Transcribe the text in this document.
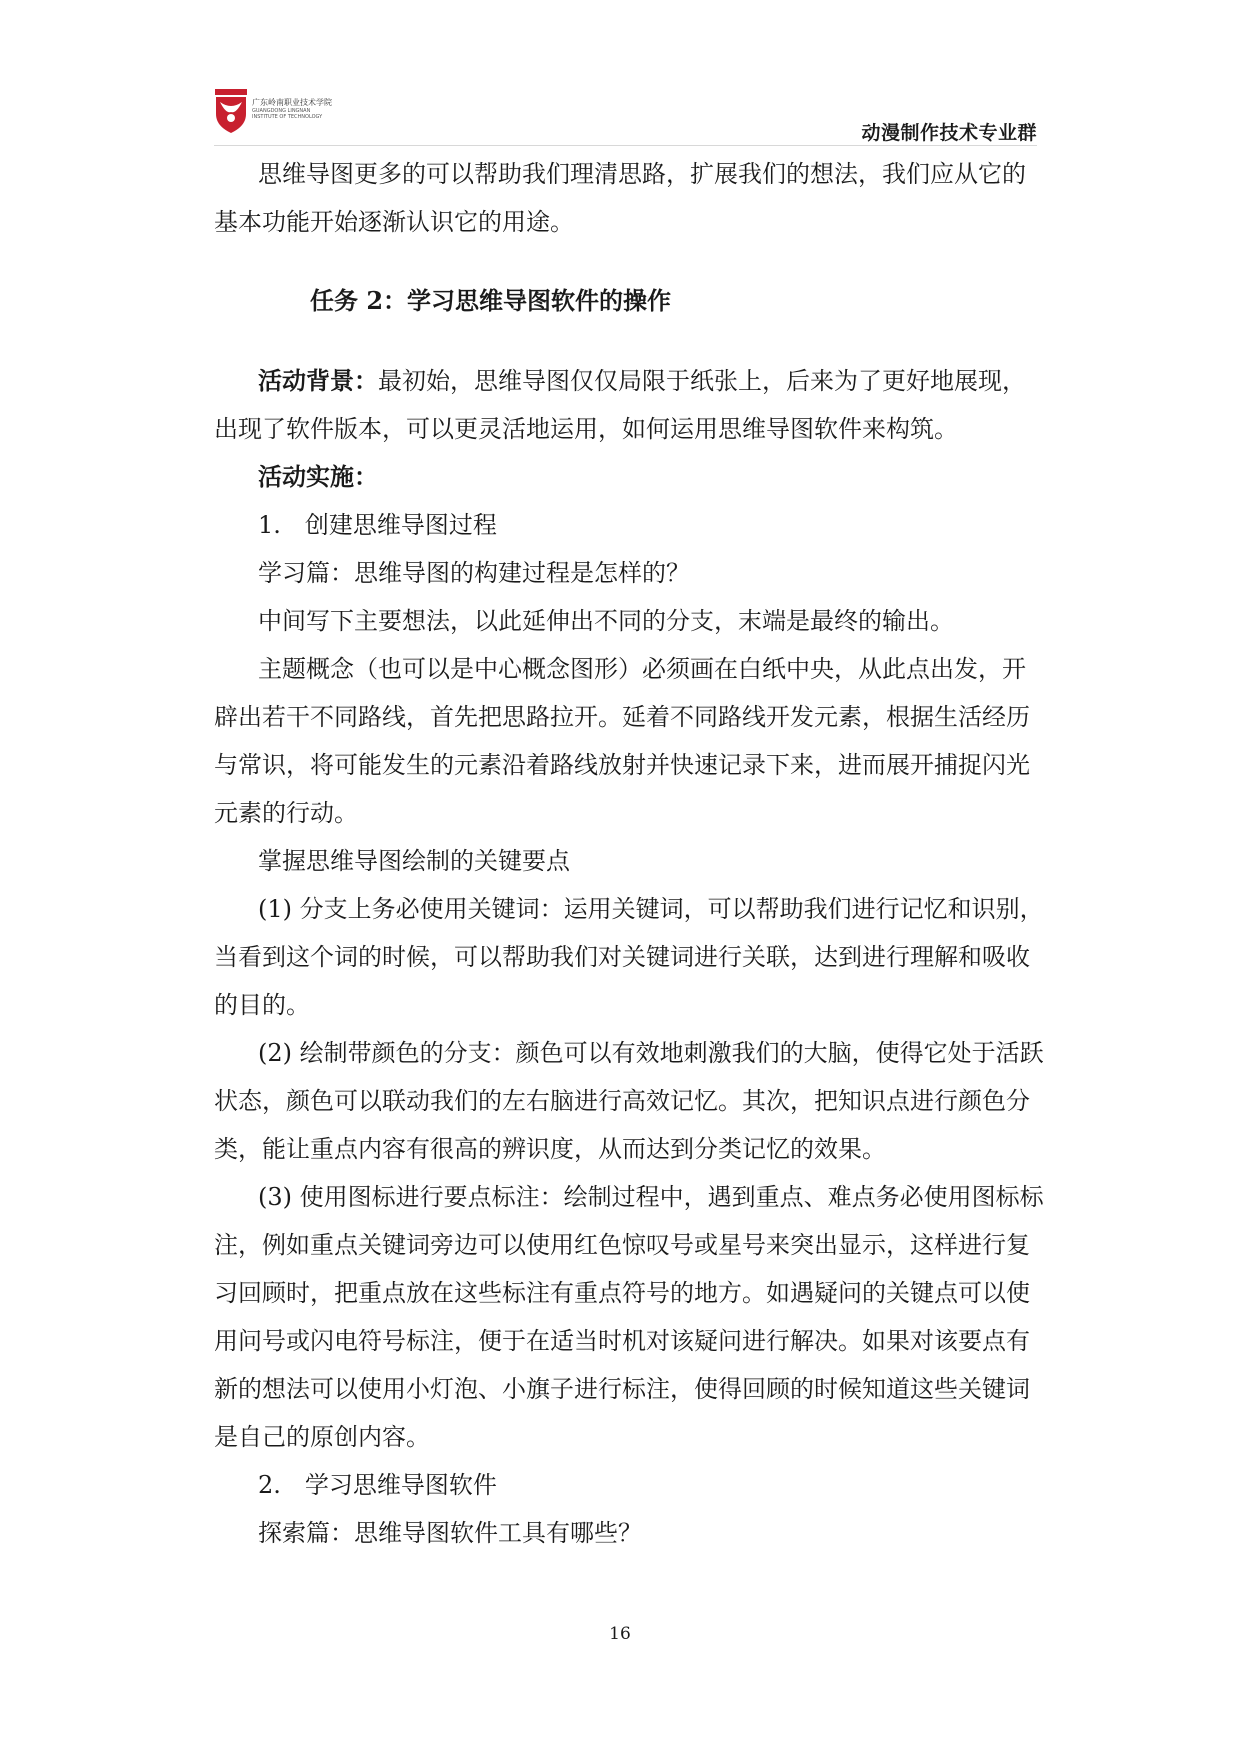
广东岭南职业技术学院
GUANGDONG LINGNAN
INSTITUTE OF TECHNOLOGY
动漫制作技术专业群

思维导图更多的可以帮助我们理清思路，扩展我们的想法，我们应从它的基本功能开始逐渐认识它的用途。

任务 2：学习思维导图软件的操作

活动背景：最初始，思维导图仅仅局限于纸张上，后来为了更好地展现，出现了软件版本，可以更灵活地运用，如何运用思维导图软件来构筑。

活动实施：

1.　创建思维导图过程

学习篇：思维导图的构建过程是怎样的？

中间写下主要想法，以此延伸出不同的分支，末端是最终的输出。

主题概念（也可以是中心概念图形）必须画在白纸中央，从此点出发，开辟出若干不同路线，首先把思路拉开。延着不同路线开发元素，根据生活经历与常识，将可能发生的元素沿着路线放射并快速记录下来，进而展开捕捉闪光元素的行动。

掌握思维导图绘制的关键要点

(1) 分支上务必使用关键词：运用关键词，可以帮助我们进行记忆和识别，当看到这个词的时候，可以帮助我们对关键词进行关联，达到进行理解和吸收的目的。

(2) 绘制带颜色的分支：颜色可以有效地刺激我们的大脑，使得它处于活跃状态，颜色可以联动我们的左右脑进行高效记忆。其次，把知识点进行颜色分类，能让重点内容有很高的辨识度，从而达到分类记忆的效果。

(3) 使用图标进行要点标注：绘制过程中，遇到重点、难点务必使用图标标注，例如重点关键词旁边可以使用红色惊叹号或星号来突出显示，这样进行复习回顾时，把重点放在这些标注有重点符号的地方。如遇疑问的关键点可以使用问号或闪电符号标注，便于在适当时机对该疑问进行解决。如果对该要点有新的想法可以使用小灯泡、小旗子进行标注，使得回顾的时候知道这些关键词是自己的原创内容。

2.　学习思维导图软件

探索篇：思维导图软件工具有哪些？

16
